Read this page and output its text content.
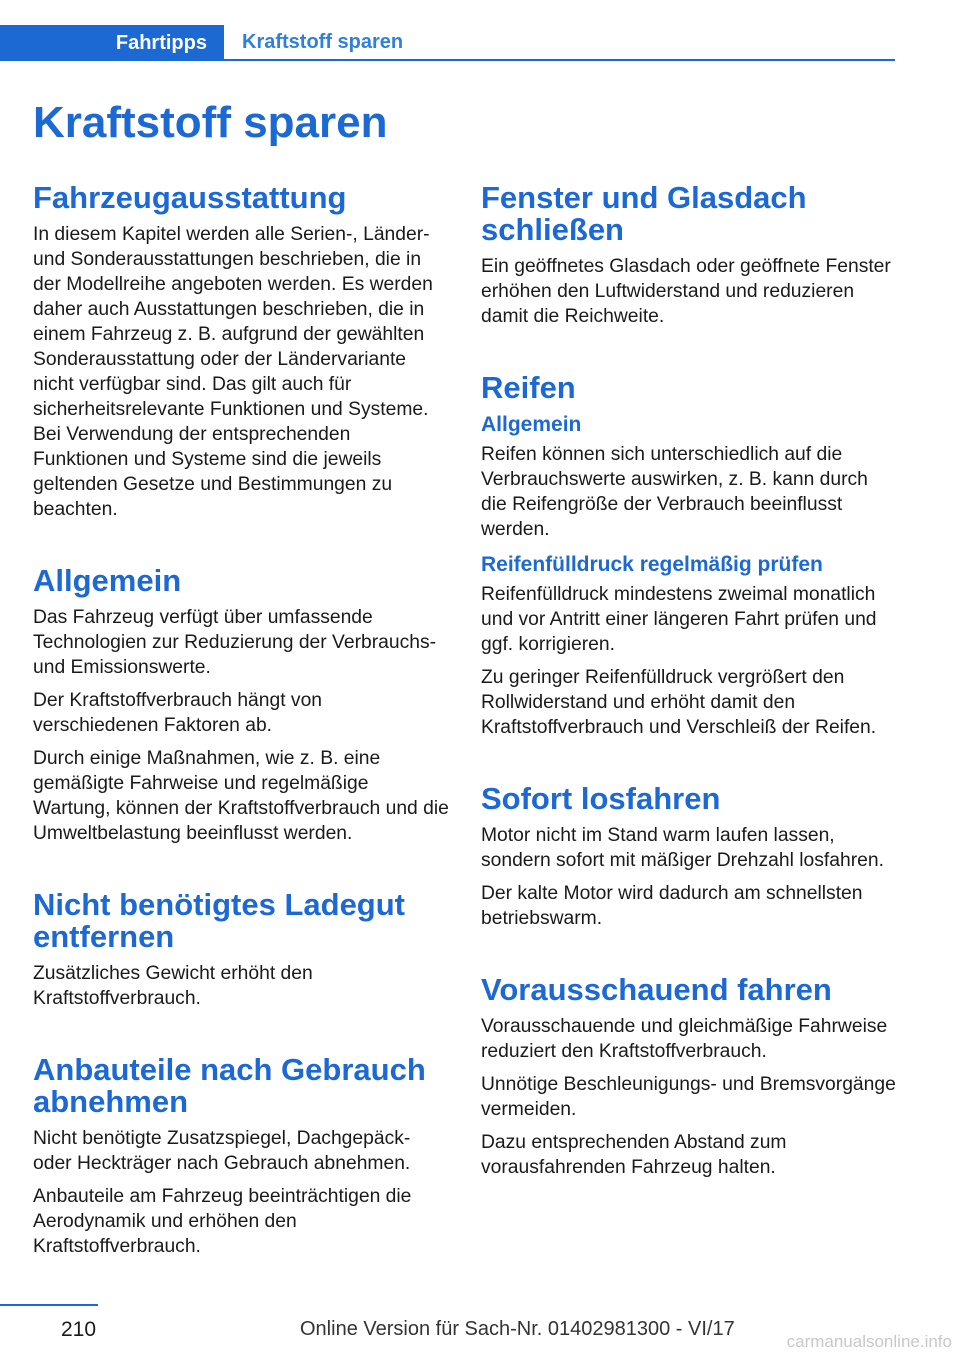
Fahrtipps Kraftstoff sparen
Kraftstoff sparen
Fahrzeugausstattung

In diesem Kapitel werden alle Serien-, Länder- und Sonderausstattungen beschrieben, die in der Modellreihe angeboten werden. Es werden daher auch Ausstattungen beschrieben, die in einem Fahrzeug z. B. aufgrund der gewählten Sonderausstattung oder der Ländervariante nicht verfügbar sind. Das gilt auch für sicherheitsrelevante Funktionen und Systeme. Bei Verwendung der entsprechenden Funktionen und Systeme sind die jeweils geltenden Gesetze und Bestimmungen zu beachten.

Allgemein

Das Fahrzeug verfügt über umfassende Technologien zur Reduzierung der Verbrauchs- und Emissionswerte.

Der Kraftstoffverbrauch hängt von verschiedenen Faktoren ab.

Durch einige Maßnahmen, wie z. B. eine gemäßigte Fahrweise und regelmäßige Wartung, können der Kraftstoffverbrauch und die Umweltbelastung beeinflusst werden.

Nicht benötigtes Ladegut entfernen

Zusätzliches Gewicht erhöht den Kraftstoffverbrauch.

Anbauteile nach Gebrauch abnehmen

Nicht benötigte Zusatzspiegel, Dachgepäck- oder Heckträger nach Gebrauch abnehmen.

Anbauteile am Fahrzeug beeinträchtigen die Aerodynamik und erhöhen den Kraftstoffverbrauch.

Fenster und Glasdach schließen

Ein geöffnetes Glasdach oder geöffnete Fenster erhöhen den Luftwiderstand und reduzieren damit die Reichweite.

Reifen
Allgemein

Reifen können sich unterschiedlich auf die Verbrauchswerte auswirken, z. B. kann durch die Reifengröße der Verbrauch beeinflusst werden.

Reifenfülldruck regelmäßig prüfen

Reifenfülldruck mindestens zweimal monatlich und vor Antritt einer längeren Fahrt prüfen und ggf. korrigieren.

Zu geringer Reifenfülldruck vergrößert den Rollwiderstand und erhöht damit den Kraftstoffverbrauch und Verschleiß der Reifen.

Sofort losfahren

Motor nicht im Stand warm laufen lassen, sondern sofort mit mäßiger Drehzahl losfahren.

Der kalte Motor wird dadurch am schnellsten betriebswarm.

Vorausschauend fahren

Vorausschauende und gleichmäßige Fahrweise reduziert den Kraftstoffverbrauch.

Unnötige Beschleunigungs- und Bremsvorgänge vermeiden.

Dazu entsprechenden Abstand zum vorausfahrenden Fahrzeug halten.

210	Online Version für Sach-Nr. 01402981300 - VI/17
carmanualsonline.info
